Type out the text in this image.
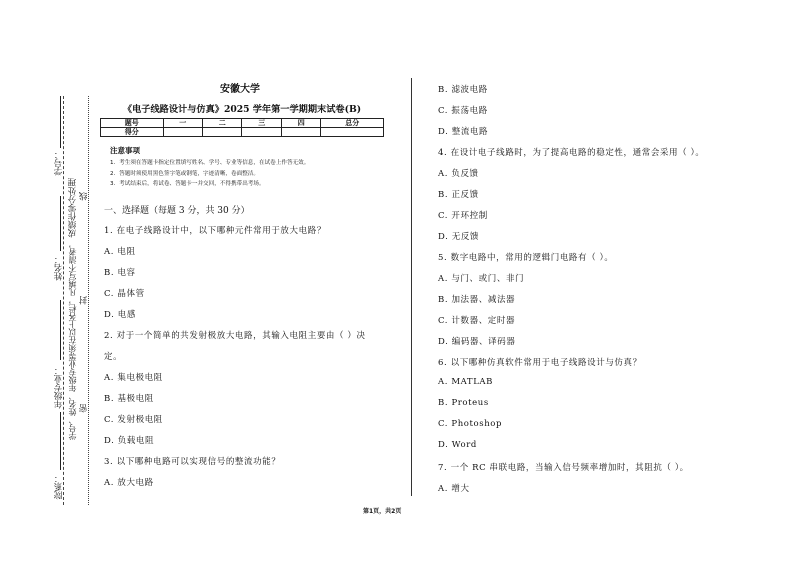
学号：
姓名：
年级专业：
院系：
成绩作零分处理
学号、姓名、年级专业等须在以上各栏，凡填写不清者，
线
封
密
安徽大学
《电子线路设计与仿真》2025 学年第一学期期末试卷(B)
题号	一	二	三	四	总分
得分					
注意事项
1．考生须在答题卡指定位置填写姓名、学号、专业等信息，在试卷上作答无效。
2．答题时须使用黑色签字笔或钢笔，字迹清晰，卷面整洁。
3．考试结束后，将试卷、答题卡一并交回，不得携带出考场。
一、选择题（每题 3 分，共 30 分）
1. 在电子线路设计中，以下哪种元件常用于放大电路？
A. 电阻
B. 电容
C. 晶体管
D. 电感
2. 对于一个简单的共发射极放大电路，其输入电阻主要由（ ）决
定。
A. 集电极电阻
B. 基极电阻
C. 发射极电阻
D. 负载电阻
3. 以下哪种电路可以实现信号的整流功能？
A. 放大电路
B. 滤波电路
C. 振荡电路
D. 整流电路
4. 在设计电子线路时，为了提高电路的稳定性，通常会采用（ ）。
A. 负反馈
B. 正反馈
C. 开环控制
D. 无反馈
5. 数字电路中，常用的逻辑门电路有（ ）。
A. 与门、或门、非门
B. 加法器、减法器
C. 计数器、定时器
D. 编码器、译码器
6. 以下哪种仿真软件常用于电子线路设计与仿真？
A. MATLAB
B. Proteus
C. Photoshop
D. Word
7. 一个 RC 串联电路，当输入信号频率增加时，其阻抗（ ）。
A. 增大
第1页，共2页
